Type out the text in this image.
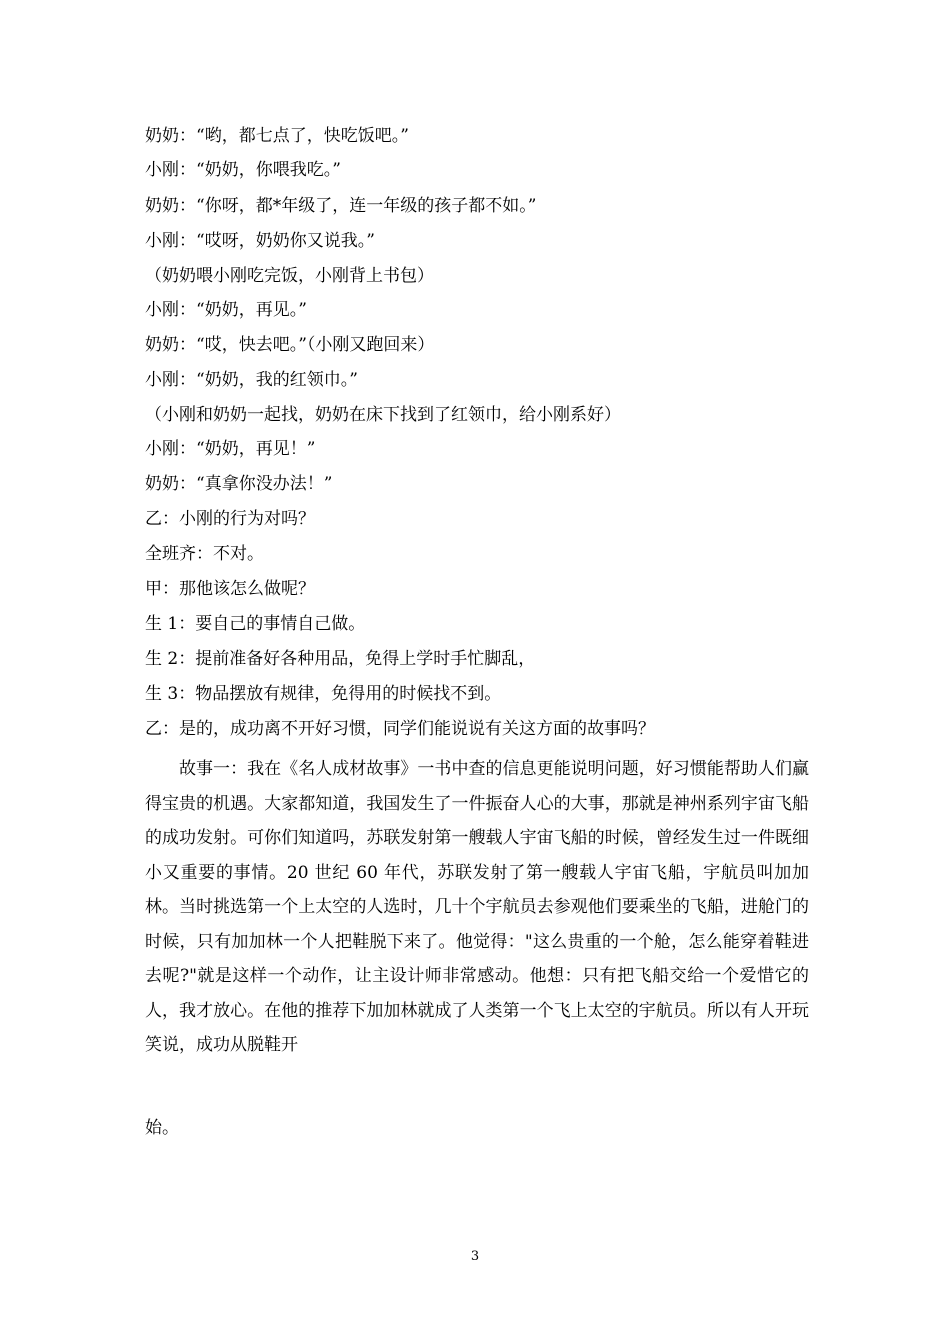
奶奶：“哟，都七点了，快吃饭吧。”
小刚：“奶奶，你喂我吃。”
奶奶：“你呀，都*年级了，连一年级的孩子都不如。”
小刚：“哎呀，奶奶你又说我。”
（奶奶喂小刚吃完饭，小刚背上书包）
小刚：“奶奶，再见。”
奶奶：“哎，快去吧。”（小刚又跑回来）
小刚：“奶奶，我的红领巾。”
（小刚和奶奶一起找，奶奶在床下找到了红领巾，给小刚系好）
小刚：“奶奶，再见！”
奶奶：“真拿你没办法！”
乙：小刚的行为对吗？
全班齐：不对。
甲：那他该怎么做呢？
生 1：要自己的事情自己做。
生 2：提前准备好各种用品，免得上学时手忙脚乱，
生 3：物品摆放有规律，免得用的时候找不到。
乙：是的，成功离不开好习惯，同学们能说说有关这方面的故事吗？
故事一：我在《名人成材故事》一书中查的信息更能说明问题，好习惯能帮助人们赢得宝贵的机遇。大家都知道，我国发生了一件振奋人心的大事，那就是神州系列宇宙飞船的成功发射。可你们知道吗，苏联发射第一艘载人宇宙飞船的时候，曾经发生过一件既细小又重要的事情。20 世纪 60 年代，苏联发射了第一艘载人宇宙飞船，宇航员叫加加林。当时挑选第一个上太空的人选时，几十个宇航员去参观他们要乘坐的飞船，进舱门的时候，只有加加林一个人把鞋脱下来了。他觉得："这么贵重的一个舱，怎么能穿着鞋进去呢?"就是这样一个动作，让主设计师非常感动。他想：只有把飞船交给一个爱惜它的人，我才放心。在他的推荐下加加林就成了人类第一个飞上太空的宇航员。所以有人开玩笑说，成功从脱鞋开
始。
3
